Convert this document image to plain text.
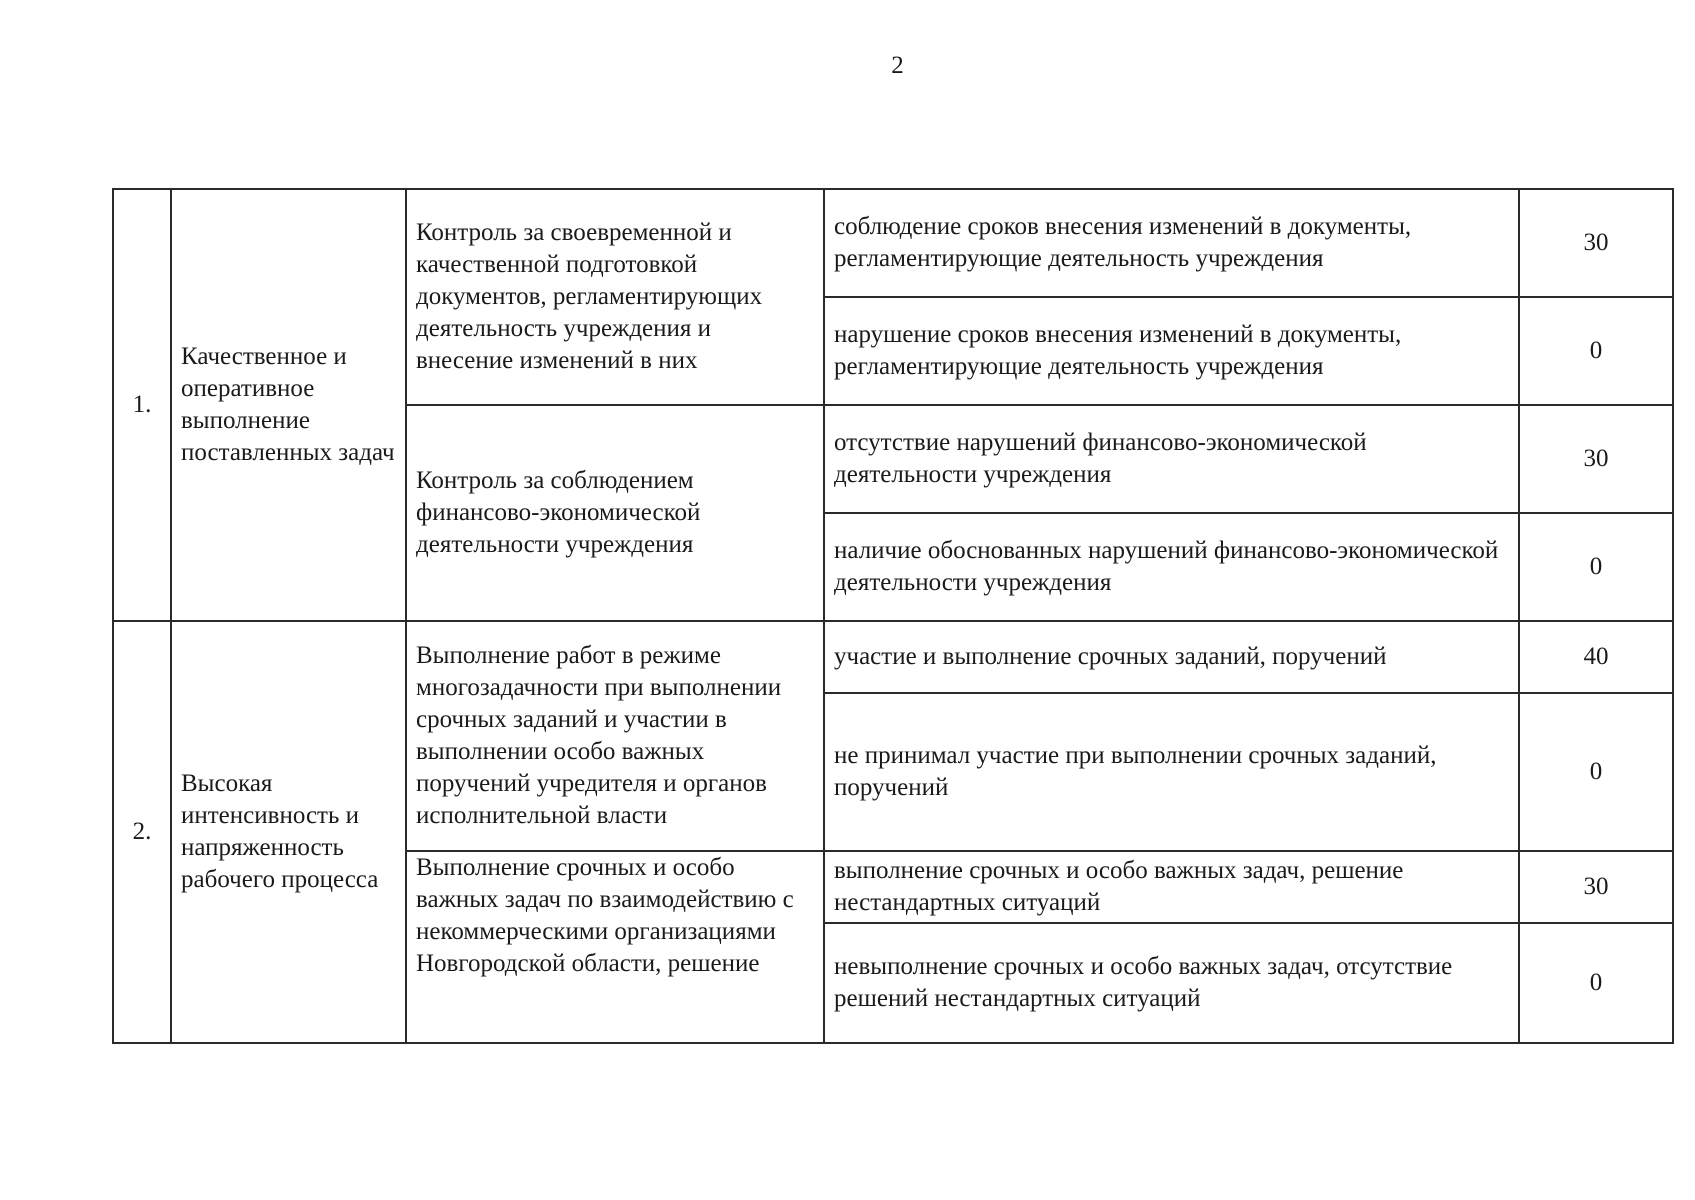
2
1.	Качественное и оперативное выполнение поставленных задач	Контроль за своевременной и качественной подготовкой документов, регламентирующих деятельность учреждения и внесение изменений в них	соблюдение сроков внесения изменений в документы, регламентирующие деятельность учреждения	30
			нарушение сроков внесения изменений в документы, регламентирующие деятельность учреждения	0
		Контроль за соблюдением финансово-экономической деятельности учреждения	отсутствие нарушений финансово-экономической деятельности учреждения	30
			наличие обоснованных нарушений финансово-экономической деятельности учреждения	0
2.	Высокая интенсивность и напряженность рабочего процесса	Выполнение работ в режиме многозадачности при выполнении срочных заданий и участии в выполнении особо важных поручений учредителя и органов исполнительной власти	участие и выполнение срочных заданий, поручений	40
			не принимал участие при выполнении срочных заданий, поручений	0
		Выполнение срочных и особо важных задач по взаимодействию с некоммерческими организациями Новгородской области, решение	выполнение срочных и особо важных задач, решение нестандартных ситуаций	30
			невыполнение срочных и особо важных задач, отсутствие решений нестандартных ситуаций	0
